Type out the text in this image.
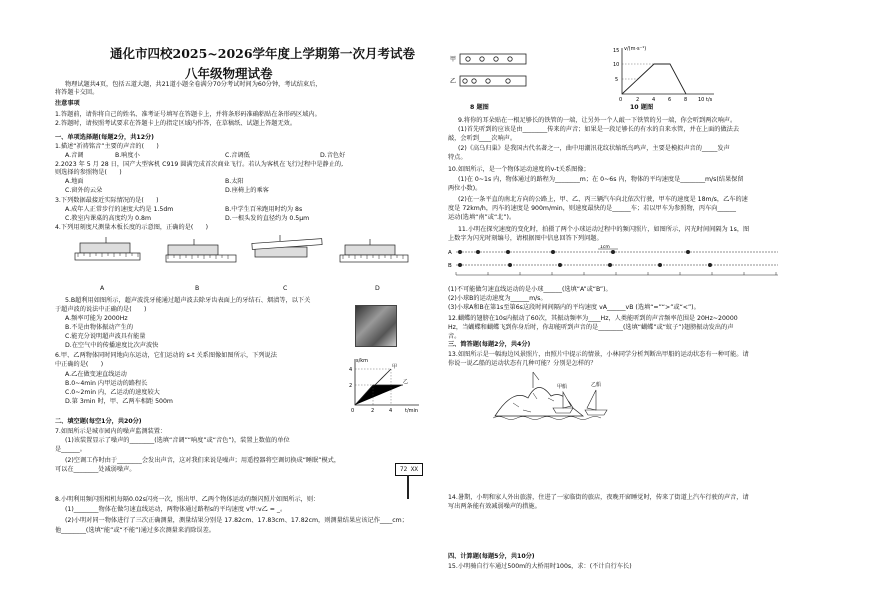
通化市四校2025~2026学年度上学期第一次月考试卷
八年级物理试卷
物理试题共4页，包括五道大题，共21道小题全卷满分70分考试时间为60分钟，考试结束后，
将答题卡交回。
注意事项
1.答题前，请你将自己的姓名、准考证号填写在答题卡上，并将条形码准确粘贴在条形码区域内。
2.答题时，请按照考试要求在答题卡上的指定区域内作答，在草稿纸、试题上答题无效。
一、单项选择题(每题2分，共12分)
1.描述“祈祷铭音”主要的声音的(　　)
A.音调	B.响度小	C.音调低	D.音色好
2.2023 年 5 月 28 日，国产大型客机 C919 圆满完成首次商业飞行。若认为客机在飞行过程中是静止的,
则选择的参照物是(　　)
A.地面	B.太阳
C.窗外的云朵	D.座椅上的乘客
3.下列数据最接近实际情况的是(　　)
A.成年人正常步行的速度大约是 1.5dm	B.中学生百米跑用时约为 8s
C.教室内课桌的高度约为 0.8m	D.一根头发的直径约为 0.5μm
4.下列用刻度尺测量木板长度的示意图，正确的是(　　)
A	B	C	D
5.B超利用如图所示，超声波洗牙能通过超声波去除牙齿表面上的牙结石、烟渍等，以下关
于超声波的说法中正确的是(　　)
A.频率可能为 2000Hz
B.不是由物体振动产生的
C.能充分说明超声波具有能量
D.在空气中的传播速度比次声波快
6.甲、乙两物体同时同地向东运动，它们运动的 s-t 关系图像如图所示，下列说法
中正确的是(　　)
A.乙在做变速直线运动
B.0~4min 内甲运动的路程长
C.0~2min 内，乙运动的速度较大
D.第 3min 时，甲、乙两车相距 500m
s/km
t/min
甲
乙
2
4
0	2	4
二、填空题(每空1分，共20分)
7.如图所示是城市园内的噪声监测装置：
(1)该装置显示了噪声的________(选填“音调”“响度”或“音色”)，装置上数值的单位
是______。
(2)空调工作时由于________会发出声音，这对我们来说是噪声；用遥控器将空调切换成“睡眠”模式，
可以在________处减弱噪声。	72 XX
8.小明利用频闪照相机每隔0.02s闪亮一次，照出甲、乙两个物体运动的频闪照片如图所示，则：
(1)________物体在做匀速直线运动，两物体通过路程s的平均速度 v甲:v乙 = _。
(2)小明对同一物体进行了三次正确测量，测量结果分别是 17.82cm、17.83cm、17.82cm，则测量结果应该记作____cm；
他________(选填“能”或“不能”)通过多次测量来消除误差。
甲
乙
8 题图
v/(m·s⁻¹)
t/s
5
10
15
0	2	4	6	8 10
10 题图
9.将你的耳朵贴在一根足够长的铁管的一端，让另外一个人敲一下铁管的另一端，你会听到两次响声。
(1)首先听到的应该是由________传来的声音；如果是一段足够长的有水的自来水管，并在上面的做法去
敲，会听到____次响声。
(2)《高乌归巢》是我国古代名著之一，曲中用潮汛花纹状缩纸鸟鸣声，主要是模拟声音的_____发声
特点。
10.如图所示，是一个物体运动速度的v-t关系图像；
(1)在 0~1s 内，物体通过的路程为________m；在 0~6s 内，物体的平均速度是________m/s(结果保留
两位小数)。
(2)在一条平直的南北方向的公路上，甲、乙、丙三辆汽车向北依次行驶，甲车的速度是 18m/s，乙车的速
度是 72km/h，丙车的速度是 900m/min，则速度最快的是______车；若以甲车为参照物，丙车向______
运动(选填“南”或“北”)。
11.小明在探究速度的变化时，拍摄了两个小球运动过程中的频闪照片，如图所示，闪光时间间隔为 1s，图
上数字为闪光时刻编号，请根据图中信息回答下列问题。
A
1cm
B
(1)不可能做匀速直线运动的是小球______(选填“A”或“B”)。
(2)小球B的运动速度为______m/s。
(3)小球A和B在第1s至第6s这段时间间隔内的平均速度 vA______vB (选填“=”“>”或“<”)。
12.蝴蝶的翅膀在10s内振动了60次，其振动频率为____Hz，人类能听到的声音频率范围是 20Hz~20000
Hz，当蝴蝶和蝴蝶飞到你身后时，你却能听到声音的是________(选填“蝴蝶”或“蚊子”)翅膀振动发出的声
音。
三、简答题(每题2分，共4分)
13.如图所示是一幅海边风景照片，由照片中提示的情景，小林同学分析判断出甲船的运动状态有一种可能。请
你说一说乙船的运动状态有几种可能？分别是怎样的？
甲船	乙船
14.暑期，小明和家人外出旅游，住进了一家临街的旅店，夜晚开窗睡觉时，传来了街道上汽车行驶的声音，请
写出两条能有效减弱噪声的措施。
四、计算题(每题5分，共10分)
15.小明骑自行车通过500m的大桥用时100s，求：(不计自行车长)
